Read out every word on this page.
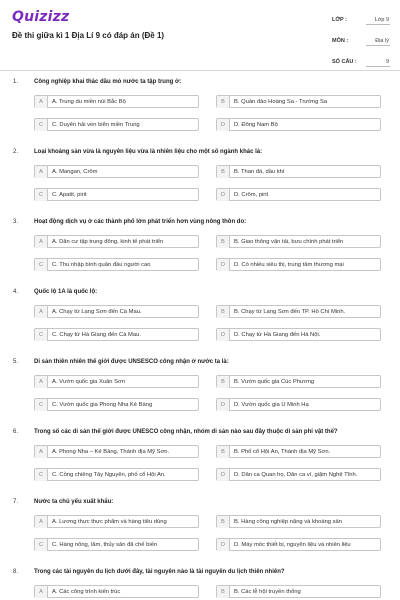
Quizizz
Đề thi giữa kì 1 Địa Lí 9 có đáp án (Đề 1)
LỚP :	Lớp 9
MÔN :	Địa lý
SỐ CÂU :	9
1.	Công nghiệp khai thác dầu mỏ nước ta tập trung ở:
A	A. Trung du miền núi Bắc Bộ	B	B. Quần đảo Hoàng Sa - Trường Sa
C	C. Duyên hải ven biển miền Trung	D	D. Đông Nam Bộ
2.	Loại khoáng sản vừa là nguyên liệu vừa là nhiên liệu cho một số ngành khác là:
A	A. Mangan, Crôm	B	B. Than đá, dầu khí
C	C. Apatit, pirit	D	D. Crôm, pirit
3.	Hoạt động dịch vụ ở các thành phố lớn phát triển hơn vùng nông thôn do:
A	A. Dân cư tập trung đông, kinh tế phát triển	B	B. Giao thông vận tải, bưu chính phát triển
C	C. Thu nhập bình quân đầu người cao	D	D. Có nhiều siêu thị, trung tâm thương mại
4.	Quốc lộ 1A là quốc lộ:
A	A. Chạy từ Lạng Sơn đến Cà Mau.	B	B. Chạy từ Lạng Sơn đến TP. Hồ Chí Minh.
C	C. Chạy từ Hà Giang đến Cà Mau.	D	D. Chạy từ Hà Giang đến Hà Nội.
5.	Di sản thiên nhiên thế giới được UNSESCO công nhận ở nước ta là:
A	A. Vườn quốc gia Xuân Sơn	B	B. Vườn quốc gia Cúc Phương
C	C. Vườn quốc gia Phong Nha Kẻ Bàng	D	D. Vườn quốc gia U Minh Hạ
6.	Trong số các di sản thế giới được UNESCO công nhận, nhóm di sản nào sau đây thuộc di sản phi vật thể?
A	A. Phong Nha – Kẻ Bàng, Thánh địa Mỹ Sơn.	B	B. Phố cổ Hội An, Thánh địa Mỹ Sơn.
C	C. Cồng chiêng Tây Nguyên, phố cổ Hội An.	D	D. Dân ca Quan họ, Dân ca ví, giặm Nghệ Tĩnh.
7.	Nước ta chủ yếu xuất khẩu:
A	A. Lương thực thực phẩm và hàng tiêu dùng	B	B. Hàng công nghiệp nặng và khoáng sản
C	C. Hàng nông, lâm, thủy sản đã chế biến	D	D. Máy móc thiết bị, nguyên liệu và nhiên liệu
8.	Trong các tài nguyên du lịch dưới đây, tài nguyên nào là tài nguyên du lịch thiên nhiên?
A	A. Các công trình kiến trúc	B	B. Các lễ hội truyền thống
